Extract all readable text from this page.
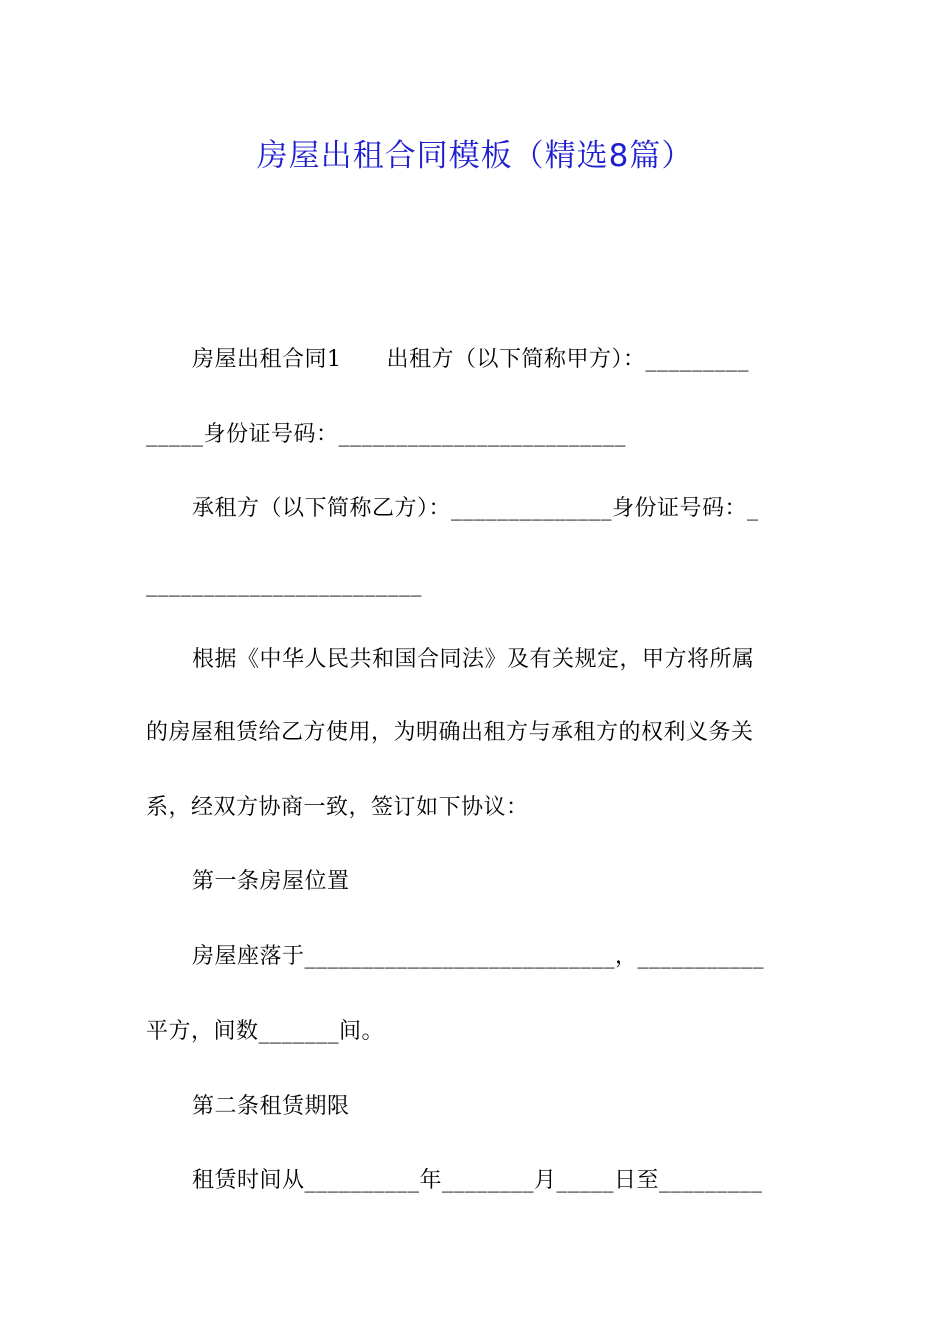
房屋出租合同模板（精选8篇）
房屋出租合同1　　出租方（以下简称甲方）：_________
_____身份证号码：_________________________
承租方（以下简称乙方）：______________身份证号码：_
________________________
根据《中华人民共和国合同法》及有关规定，甲方将所属
的房屋租赁给乙方使用，为明确出租方与承租方的权利义务关
系，经双方协商一致，签订如下协议：
第一条房屋位置
房屋座落于___________________________，___________
平方，间数_______间。
第二条租赁期限
租赁时间从__________年________月_____日至_________
